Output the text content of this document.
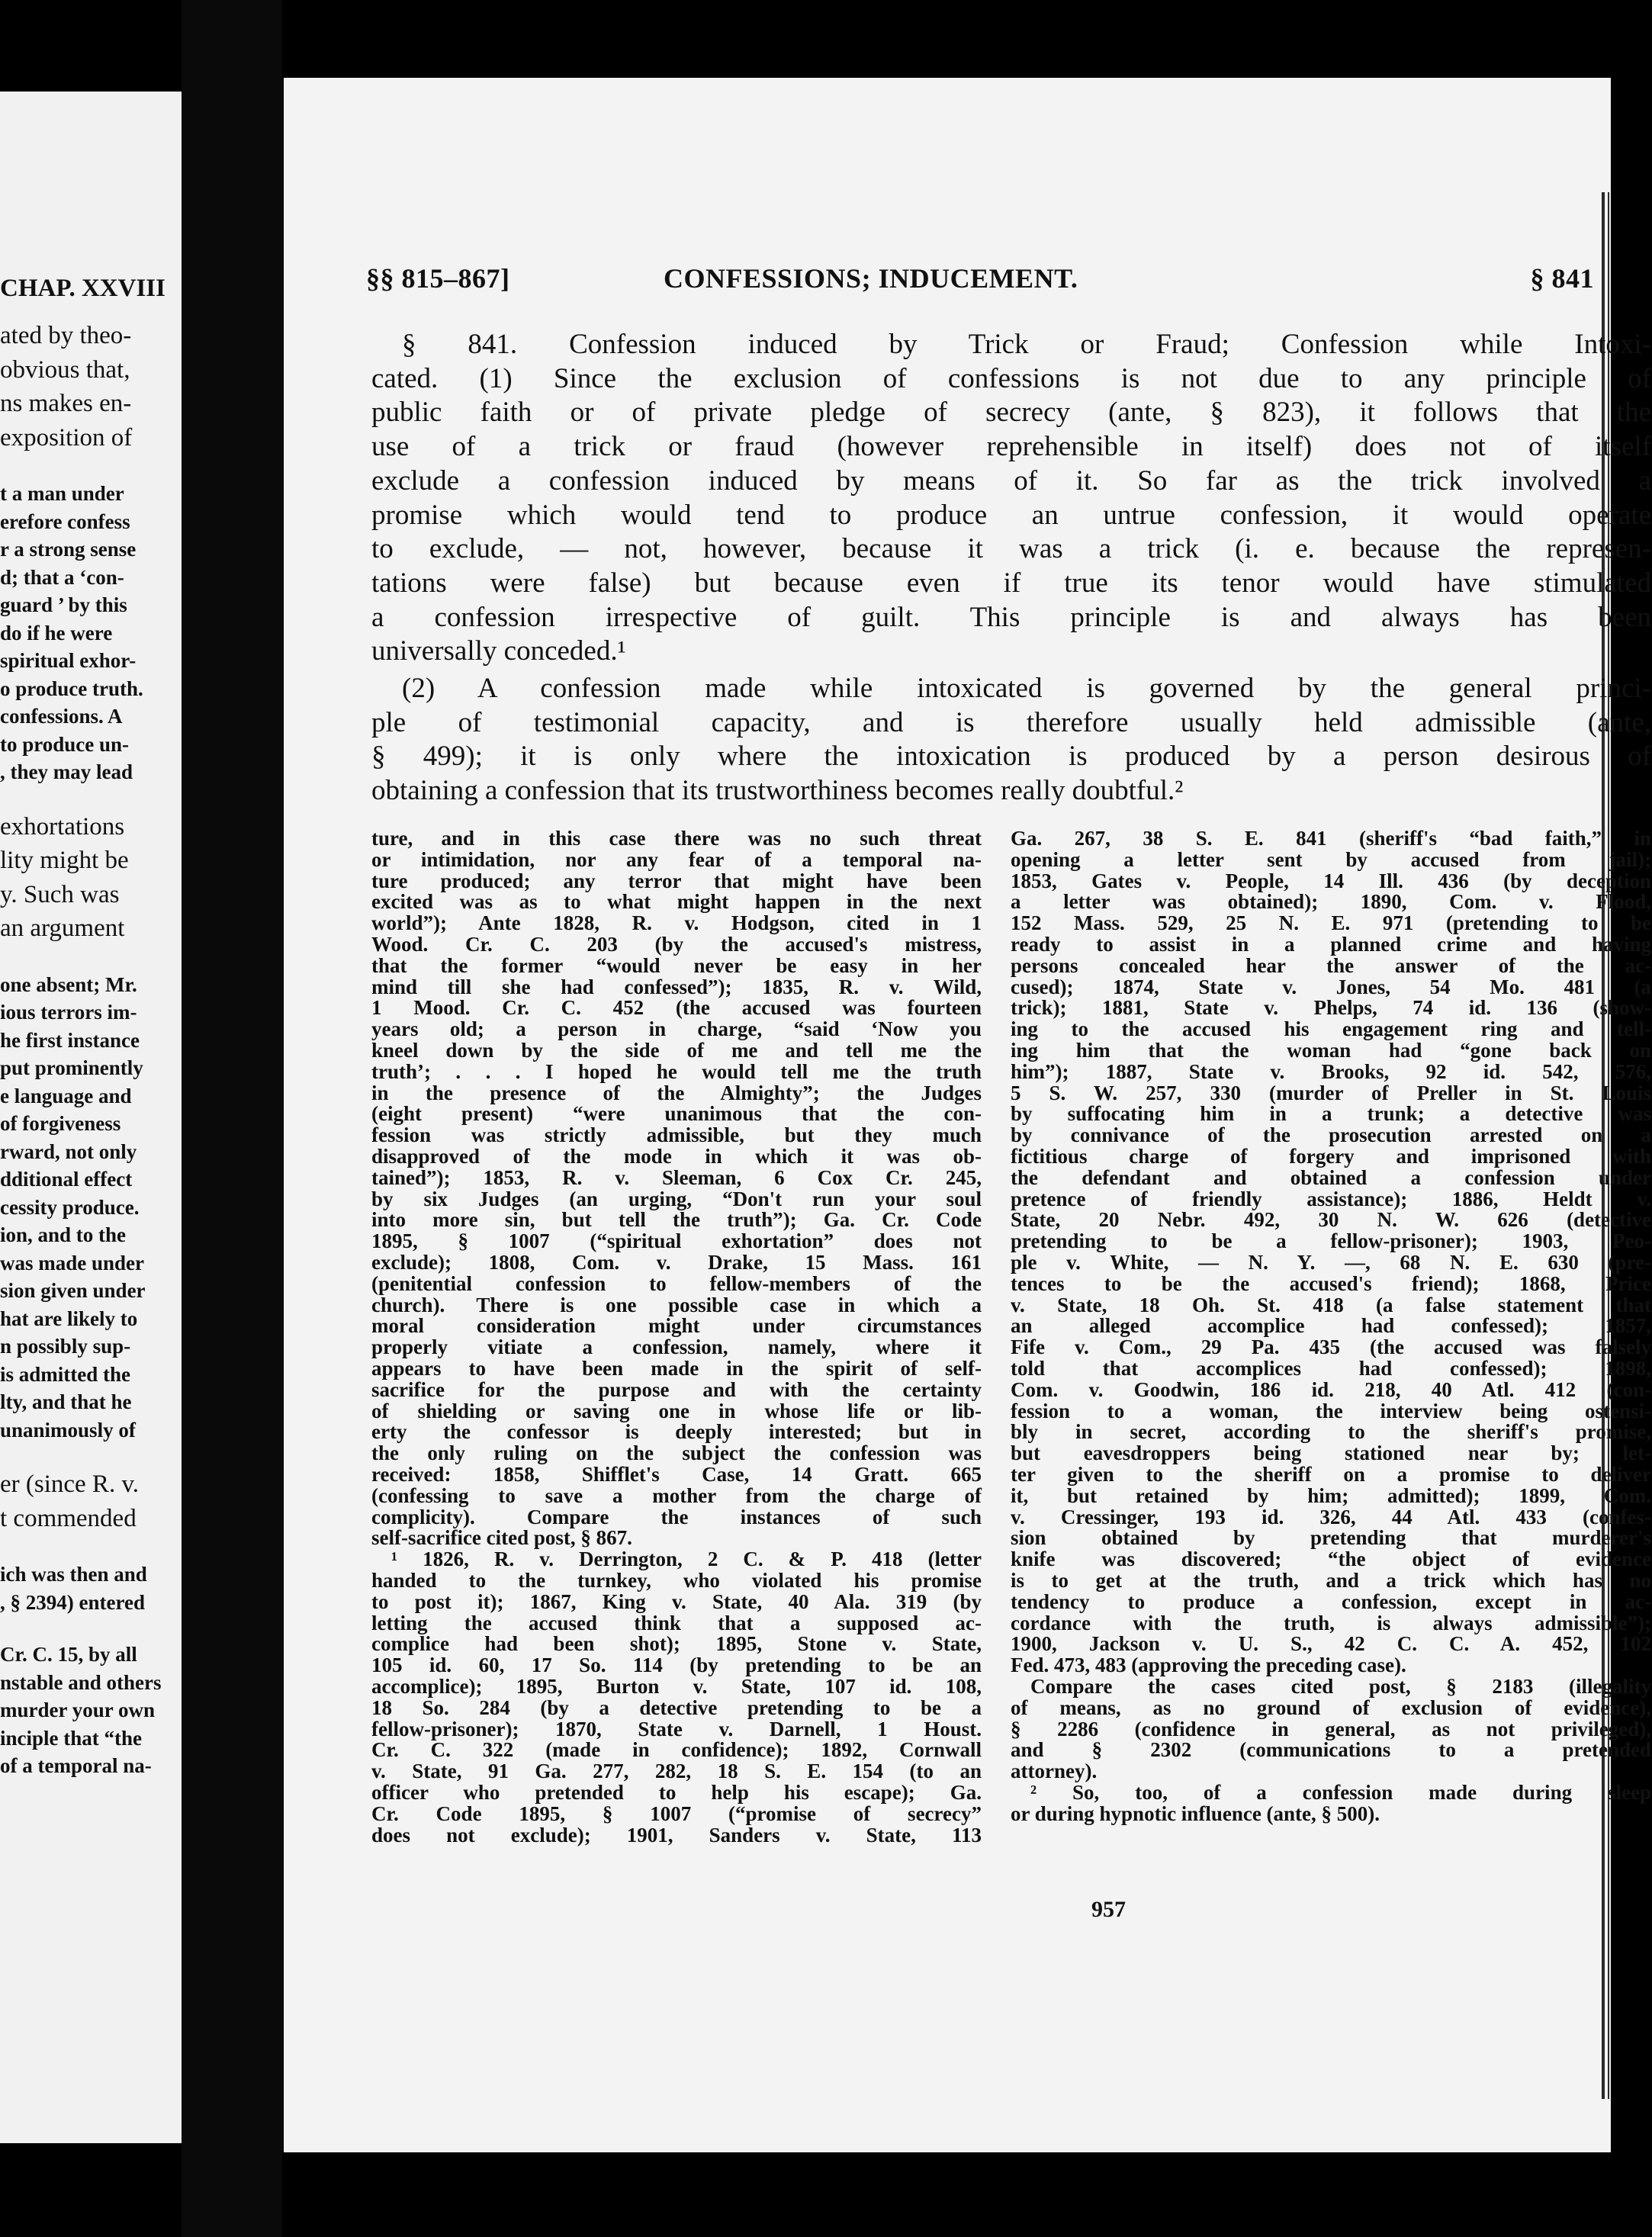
CHAP. XXVIII
ated by theo-
obvious that,
ns makes en-
exposition of
t a man under
erefore confess
r a strong sense
d; that a ‘con-
guard ’ by this
do if he were
spiritual exhor-
o produce truth.
confessions. A
to produce un-
, they may lead
exhortations
lity might be
y. Such was
an argument
one absent; Mr.
ious terrors im-
he first instance
put prominently
e language and
of forgiveness
rward, not only
dditional effect
cessity produce.
ion, and to the
was made under
sion given under
hat are likely to
n possibly sup-
is admitted the
lty, and that he
unanimously of
er (since R. v.
t commended
ich was then and
, § 2394) entered
Cr. C. 15, by all
nstable and others
murder your own
inciple that “the
of a temporal na-
§§ 815–867]	CONFESSIONS; INDUCEMENT.	§ 841
§ 841. Confession induced by Trick or Fraud; Confession while Intoxi-
cated. (1) Since the exclusion of confessions is not due to any principle of
public faith or of private pledge of secrecy (ante, § 823), it follows that the
use of a trick or fraud (however reprehensible in itself) does not of itself
exclude a confession induced by means of it. So far as the trick involved a
promise which would tend to produce an untrue confession, it would operate
to exclude, — not, however, because it was a trick (i. e. because the represen-
tations were false) but because even if true its tenor would have stimulated
a confession irrespective of guilt. This principle is and always has been
universally conceded.¹
(2) A confession made while intoxicated is governed by the general princi-
ple of testimonial capacity, and is therefore usually held admissible (ante,
§ 499); it is only where the intoxication is produced by a person desirous of
obtaining a confession that its trustworthiness becomes really doubtful.²
ture, and in this case there was no such threat
or intimidation, nor any fear of a temporal na-
ture produced; any terror that might have been
excited was as to what might happen in the next
world”); Ante 1828, R. v. Hodgson, cited in 1
Wood. Cr. C. 203 (by the accused's mistress,
that the former “would never be easy in her
mind till she had confessed”); 1835, R. v. Wild,
1 Mood. Cr. C. 452 (the accused was fourteen
years old; a person in charge, “said ‘Now you
kneel down by the side of me and tell me the
truth’; . . . I hoped he would tell me the truth
in the presence of the Almighty”; the Judges
(eight present) “were unanimous that the con-
fession was strictly admissible, but they much
disapproved of the mode in which it was ob-
tained”); 1853, R. v. Sleeman, 6 Cox Cr. 245,
by six Judges (an urging, “Don't run your soul
into more sin, but tell the truth”); Ga. Cr. Code
1895, § 1007 (“spiritual exhortation” does not
exclude); 1808, Com. v. Drake, 15 Mass. 161
(penitential confession to fellow-members of the
church). There is one possible case in which a
moral consideration might under circumstances
properly vitiate a confession, namely, where it
appears to have been made in the spirit of self-
sacrifice for the purpose and with the certainty
of shielding or saving one in whose life or lib-
erty the confessor is deeply interested; but in
the only ruling on the subject the confession was
received: 1858, Shifflet's Case, 14 Gratt. 665
(confessing to save a mother from the charge of
complicity). Compare the instances of such
self-sacrifice cited post, § 867.
¹ 1826, R. v. Derrington, 2 C. & P. 418 (letter
handed to the turnkey, who violated his promise
to post it); 1867, King v. State, 40 Ala. 319 (by
letting the accused think that a supposed ac-
complice had been shot); 1895, Stone v. State,
105 id. 60, 17 So. 114 (by pretending to be an
accomplice); 1895, Burton v. State, 107 id. 108,
18 So. 284 (by a detective pretending to be a
fellow-prisoner); 1870, State v. Darnell, 1 Houst.
Cr. C. 322 (made in confidence); 1892, Cornwall
v. State, 91 Ga. 277, 282, 18 S. E. 154 (to an
officer who pretended to help his escape); Ga.
Cr. Code 1895, § 1007 (“promise of secrecy”
does not exclude); 1901, Sanders v. State, 113
Ga. 267, 38 S. E. 841 (sheriff's “bad faith,” in
opening a letter sent by accused from jail);
1853, Gates v. People, 14 Ill. 436 (by deception
a letter was obtained); 1890, Com. v. Flood,
152 Mass. 529, 25 N. E. 971 (pretending to be
ready to assist in a planned crime and having
persons concealed hear the answer of the ac-
cused); 1874, State v. Jones, 54 Mo. 481 (a
trick); 1881, State v. Phelps, 74 id. 136 (show-
ing to the accused his engagement ring and tell-
ing him that the woman had “gone back on
him”); 1887, State v. Brooks, 92 id. 542, 576,
5 S. W. 257, 330 (murder of Preller in St. Louis
by suffocating him in a trunk; a detective was
by connivance of the prosecution arrested on a
fictitious charge of forgery and imprisoned with
the defendant and obtained a confession under
pretence of friendly assistance); 1886, Heldt v.
State, 20 Nebr. 492, 30 N. W. 626 (detective
pretending to be a fellow-prisoner); 1903, Peo-
ple v. White, — N. Y. —, 68 N. E. 630 (pre-
tences to be the accused's friend); 1868, Price
v. State, 18 Oh. St. 418 (a false statement that
an alleged accomplice had confessed); 1857,
Fife v. Com., 29 Pa. 435 (the accused was falsely
told that accomplices had confessed); 1898,
Com. v. Goodwin, 186 id. 218, 40 Atl. 412 (con-
fession to a woman, the interview being ostensi-
bly in secret, according to the sheriff's promise,
but eavesdroppers being stationed near by; let-
ter given to the sheriff on a promise to deliver
it, but retained by him; admitted); 1899, Com.
v. Cressinger, 193 id. 326, 44 Atl. 433 (confes-
sion obtained by pretending that murderer's
knife was discovered; “the object of evidence
is to get at the truth, and a trick which has no
tendency to produce a confession, except in ac-
cordance with the truth, is always admissible”);
1900, Jackson v. U. S., 42 C. C. A. 452, 102
Fed. 473, 483 (approving the preceding case).
Compare the cases cited post, § 2183 (illegality
of means, as no ground of exclusion of evidence),
§ 2286 (confidence in general, as not privileged),
and § 2302 (communications to a pretended
attorney).
² So, too, of a confession made during sleep
or during hypnotic influence (ante, § 500).
957
